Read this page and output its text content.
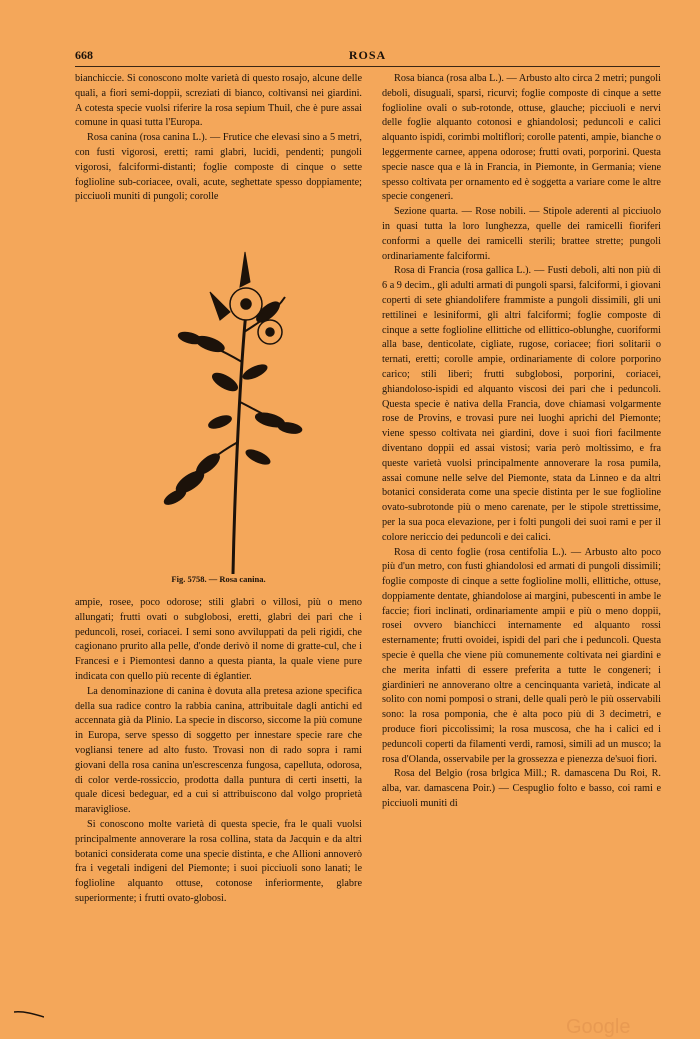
668	ROSA

bianchiccie. Si conoscono molte varietà di questo rosajo, alcune delle quali, a fiori semi-doppii, screziati di bianco, coltivansi nei giardini. A cotesta specie vuolsi riferire la rosa sepium Thuil, che è pure assai comune in quasi tutta l'Europa.

Rosa canina (rosa canina L.). — Frutice che elevasi sino a 5 metri, con fusti vigorosi, eretti; rami glabri, lucidi, pendenti; pungoli vigorosi, falciformi-distanti; foglie composte di cinque o sette foglioline sub-coriacee, ovali, acute, seghettate spesso doppiamente; picciuoli muniti di pungoli; corolle

Fig. 5758. — Rosa canina.

ampie, rosee, poco odorose; stili glabri o villosi, più o meno allungati; frutti ovati o subglobosi, eretti, glabri dei pari che i peduncoli, rosei, coriacei. I semi sono avviluppati da peli rigidi, che cagionano prurito alla pelle, d'onde derivò il nome di gratte-cul, che i Francesi e i Piemontesi danno a questa pianta, la quale viene pure indicata con quello più recente di églantier.

La denominazione di canina è dovuta alla pretesa azione specifica della sua radice contro la rabbia canina, attribuitale dagli antichi ed accennata già da Plinio. La specie in discorso, siccome la più comune in Europa, serve spesso di soggetto per innestare specie rare che vogliansi tenere ad alto fusto. Trovasi non di rado sopra i rami giovani della rosa canina un'escrescenza fungosa, capelluta, odorosa, di color verde-rossiccio, prodotta dalla puntura di certi insetti, la quale dicesi bedeguar, ed a cui si attribuiscono dal volgo proprietà maravigliose.

Si conoscono molte varietà di questa specie, fra le quali vuolsi principalmente annoverare la rosa collina, stata da Jacquin e da altri botanici considerata come una specie distinta, e che Allioni annoverò fra i vegetali indigeni del Piemonte; i suoi picciuoli sono lanati; le foglioline alquanto ottuse, cotonose inferiormente, glabre superiormente; i frutti ovato-globosi.

Rosa bianca (rosa alba L.). — Arbusto alto circa 2 metri; pungoli deboli, disuguali, sparsi, ricurvi; foglie composte di cinque a sette foglioline ovali o sub-rotonde, ottuse, glauche; picciuoli e nervi delle foglie alquanto cotonosi e ghiandolosi; peduncoli e calici alquanto ispidi, corimbi moltiflori; corolle patenti, ampie, bianche o leggermente carnee, appena odorose; frutti ovati, porporini. Questa specie nasce qua e là in Francia, in Piemonte, in Germania; viene spesso coltivata per ornamento ed è soggetta a variare come le altre specie congeneri.

Sezione quarta. — Rose nobili. — Stipole aderenti al picciuolo in quasi tutta la loro lunghezza, quelle dei ramicelli fioriferi conformi a quelle dei ramicelli sterili; brattee strette; pungoli ordinariamente falciformi.

Rosa di Francia (rosa gallica L.). — Fusti deboli, alti non più di 6 a 9 decim., gli adulti armati di pungoli sparsi, falciformi, i giovani coperti di sete ghiandolifere frammiste a pungoli dissimili, gli uni rettilinei e lesiniformi, gli altri falciformi; foglie composte di cinque a sette foglioline ellittiche od ellittico-oblunghe, cuoriformi alla base, denticolate, cigliate, rugose, coriacee; fiori solitarii o ternati, eretti; corolle ampie, ordinariamente di colore porporino carico; stili liberi; frutti subglobosi, porporini, coriacei, ghiandoloso-ispidi ed alquanto viscosi dei pari che i peduncoli. Questa specie è nativa della Francia, dove chiamasi volgarmente rose de Provins, e trovasi pure nei luoghi aprichi del Piemonte; viene spesso coltivata nei giardini, dove i suoi fiori facilmente diventano doppii ed assai vistosi; varia però moltissimo, e fra queste varietà vuolsi principalmente annoverare la rosa pumila, assai comune nelle selve del Piemonte, stata da Linneo e da altri botanici considerata come una specie distinta per le sue foglioline ovato-subrotonde più o meno carenate, per le stipole strettissime, per la sua poca elevazione, per i folti pungoli dei suoi rami e per il colore nericcio dei peduncoli e dei calici.

Rosa di cento foglie (rosa centifolia L.). — Arbusto alto poco più d'un metro, con fusti ghiandolosi ed armati di pungoli dissimili; foglie composte di cinque a sette foglioline molli, ellittiche, ottuse, doppiamente dentate, ghiandolose ai margini, pubescenti in ambe le faccie; fiori inclinati, ordinariamente ampii e più o meno doppii, rosei ovvero bianchicci internamente ed alquanto rossi esternamente; frutti ovoidei, ispidi del pari che i peduncoli. Questa specie è quella che viene più comunemente coltivata nei giardini e che merita infatti di essere preferita a tutte le congeneri; i giardinieri ne annoverano oltre a cencinquanta varietà, indicate al solito con nomi pomposi o strani, delle quali però le più osservabili sono: la rosa pomponia, che è alta poco più di 3 decimetri, e produce fiori piccolissimi; la rosa muscosa, che ha i calici ed i peduncoli coperti da filamenti verdi, ramosi, simili ad un musco; la rosa d'Olanda, osservabile per la grossezza e pienezza de'suoi fiori.

Rosa del Belgio (rosa brlgica Mill.; R. damascena Du Roi, R. alba, var. damascena Poir.) — Cespuglio folto e basso, coi rami e picciuoli muniti di

Google
